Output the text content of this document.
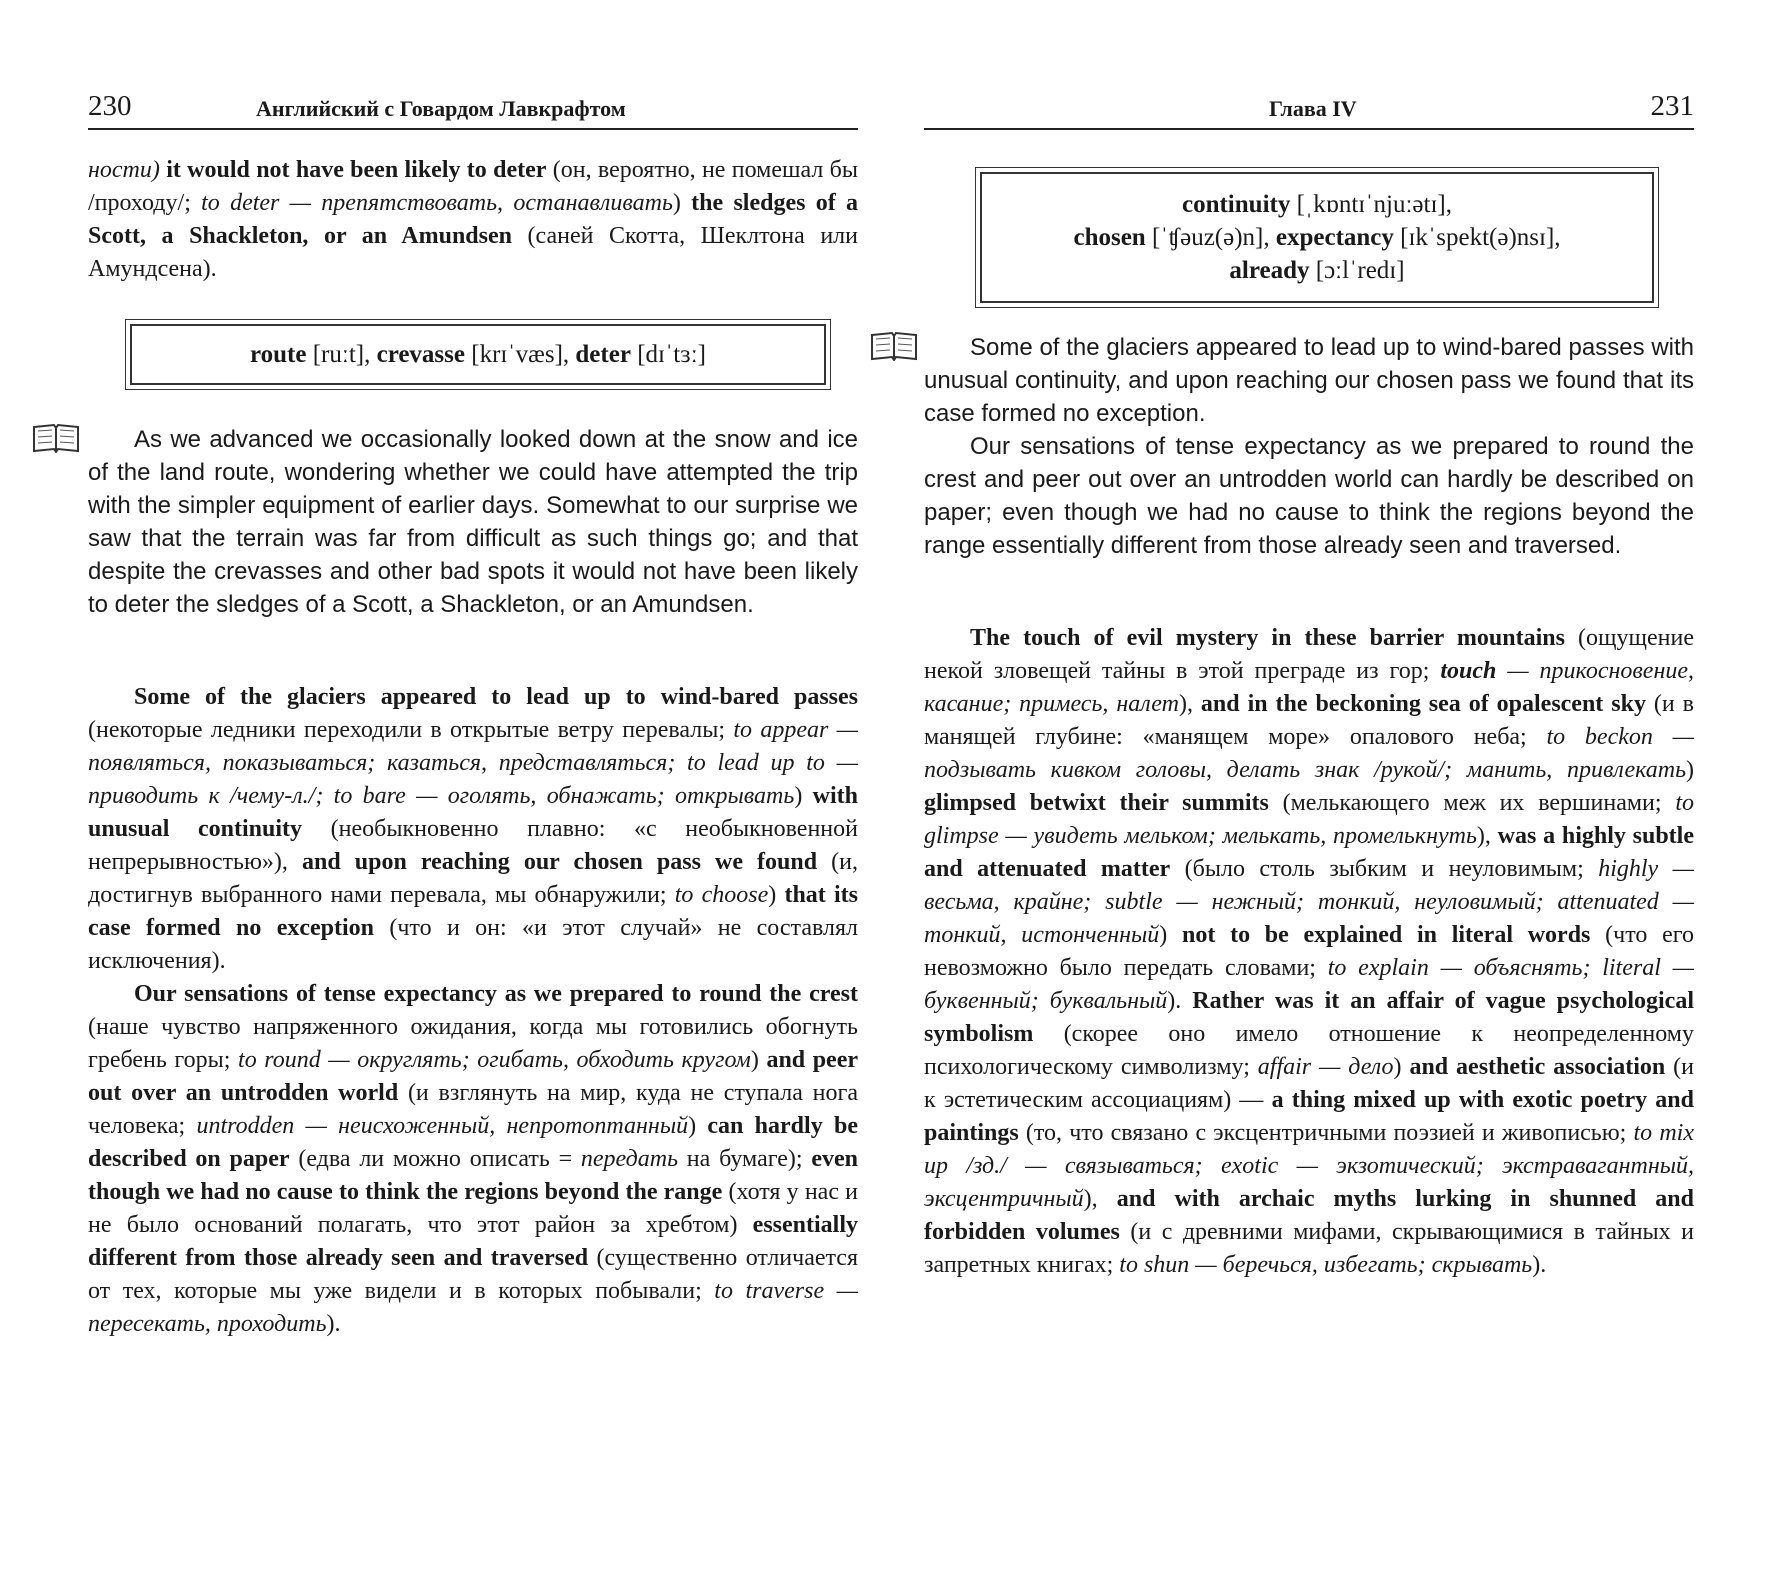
230	Английский с Говардом Лавкрафтом

ности) it would not have been likely to deter (он, вероятно, не помешал бы /проходу/; to deter — препятствовать, останавливать) the sledges of a Scott, a Shackleton, or an Amundsen (саней Скотта, Шеклтона или Амундсена).

route [ruːt], crevasse [krɪˈvæs], deter [dɪˈtɜː]

As we advanced we occasionally looked down at the snow and ice of the land route, wondering whether we could have attempted the trip with the simpler equipment of earlier days. Somewhat to our surprise we saw that the terrain was far from difficult as such things go; and that despite the crevasses and other bad spots it would not have been likely to deter the sledges of a Scott, a Shackleton, or an Amundsen.

Some of the glaciers appeared to lead up to wind-bared passes (некоторые ледники переходили в открытые ветру перевалы; to appear — появляться, показываться; казаться, представляться; to lead up to — приводить к /чему-л./; to bare — оголять, обнажать; открывать) with unusual continuity (необыкновенно плавно: «с необыкновенной непрерывностью»), and upon reaching our chosen pass we found (и, достигнув выбранного нами перевала, мы обнаружили; to choose) that its case formed no exception (что и он: «и этот случай» не составлял исключения).

Our sensations of tense expectancy as we prepared to round the crest (наше чувство напряженного ожидания, когда мы готовились обогнуть гребень горы; to round — округлять; огибать, обходить кругом) and peer out over an untrodden world (и взглянуть на мир, куда не ступала нога человека; untrodden — неисхоженный, непротоптанный) can hardly be described on paper (едва ли можно описать = передать на бумаге); even though we had no cause to think the regions beyond the range (хотя у нас и не было оснований полагать, что этот район за хребтом) essentially different from those already seen and traversed (существенно отличается от тех, которые мы уже видели и в которых побывали; to traverse — пересекать, проходить).

Глава IV	231
continuity [ˌkɒntɪˈnjuːətɪ],
chosen [ˈʧəuz(ə)n], expectancy [ɪkˈspekt(ə)nsɪ],
already [ɔːlˈredɪ]

Some of the glaciers appeared to lead up to wind-bared passes with unusual continuity, and upon reaching our chosen pass we found that its case formed no exception.

Our sensations of tense expectancy as we prepared to round the crest and peer out over an untrodden world can hardly be described on paper; even though we had no cause to think the regions beyond the range essentially different from those already seen and traversed.

The touch of evil mystery in these barrier mountains (ощущение некой зловещей тайны в этой преграде из гор; touch — прикосновение, касание; примесь, налет), and in the beckoning sea of opalescent sky (и в манящей глубине: «манящем море» опалового неба; to beckon — подзывать кивком головы, делать знак /рукой/; манить, привлекать) glimpsed betwixt their summits (мелькающего меж их вершинами; to glimpse — увидеть мельком; мелькать, промелькнуть), was a highly subtle and attenuated matter (было столь зыбким и неуловимым; highly — весьма, крайне; subtle — нежный; тонкий, неуловимый; attenuated — тонкий, истонченный) not to be explained in literal words (что его невозможно было передать словами; to explain — объяснять; literal — буквенный; буквальный). Rather was it an affair of vague psychological symbolism (скорее оно имело отношение к неопределенному психологическому символизму; affair — дело) and aesthetic association (и к эстетическим ассоциациям) — a thing mixed up with exotic poetry and paintings (то, что связано с эксцентричными поэзией и живописью; to mix up /зд./ — связываться; exotic — экзотический; экстравагантный, эксцентричный), and with archaic myths lurking in shunned and forbidden volumes (и с древними мифами, скрывающимися в тайных и запретных книгах; to shun — беречься, избегать; скрывать).
